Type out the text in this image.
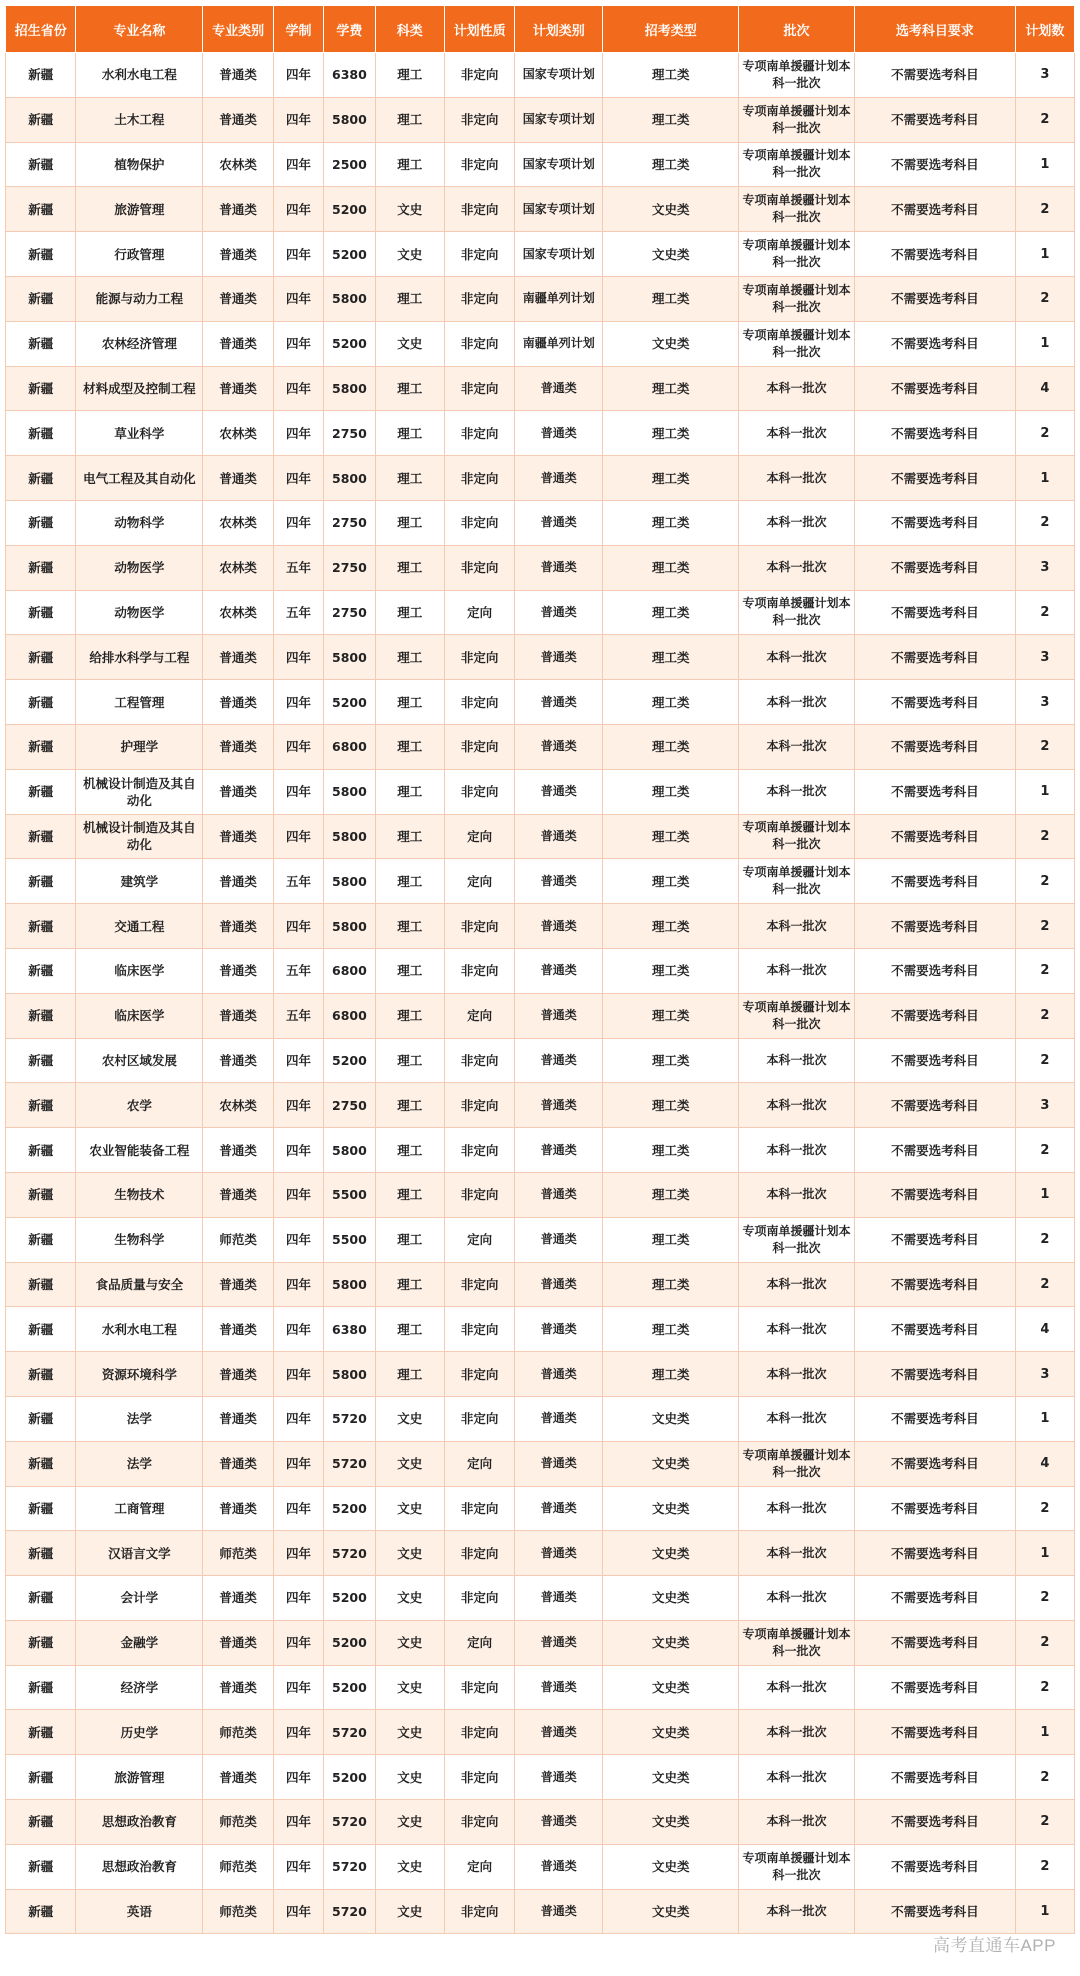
招生省份	专业名称	专业类别	学制	学费	科类	计划性质	计划类别	招考类型	批次	选考科目要求	计划数
新疆	水利水电工程	普通类	四年	6380	理工	非定向	国家专项计划	理工类	专项南单援疆计划本科一批次	不需要选考科目	3
新疆	土木工程	普通类	四年	5800	理工	非定向	国家专项计划	理工类	专项南单援疆计划本科一批次	不需要选考科目	2
新疆	植物保护	农林类	四年	2500	理工	非定向	国家专项计划	理工类	专项南单援疆计划本科一批次	不需要选考科目	1
新疆	旅游管理	普通类	四年	5200	文史	非定向	国家专项计划	文史类	专项南单援疆计划本科一批次	不需要选考科目	2
新疆	行政管理	普通类	四年	5200	文史	非定向	国家专项计划	文史类	专项南单援疆计划本科一批次	不需要选考科目	1
新疆	能源与动力工程	普通类	四年	5800	理工	非定向	南疆单列计划	理工类	专项南单援疆计划本科一批次	不需要选考科目	2
新疆	农林经济管理	普通类	四年	5200	文史	非定向	南疆单列计划	文史类	专项南单援疆计划本科一批次	不需要选考科目	1
新疆	材料成型及控制工程	普通类	四年	5800	理工	非定向	普通类	理工类	本科一批次	不需要选考科目	4
新疆	草业科学	农林类	四年	2750	理工	非定向	普通类	理工类	本科一批次	不需要选考科目	2
新疆	电气工程及其自动化	普通类	四年	5800	理工	非定向	普通类	理工类	本科一批次	不需要选考科目	1
新疆	动物科学	农林类	四年	2750	理工	非定向	普通类	理工类	本科一批次	不需要选考科目	2
新疆	动物医学	农林类	五年	2750	理工	非定向	普通类	理工类	本科一批次	不需要选考科目	3
新疆	动物医学	农林类	五年	2750	理工	定向	普通类	理工类	专项南单援疆计划本科一批次	不需要选考科目	2
新疆	给排水科学与工程	普通类	四年	5800	理工	非定向	普通类	理工类	本科一批次	不需要选考科目	3
新疆	工程管理	普通类	四年	5200	理工	非定向	普通类	理工类	本科一批次	不需要选考科目	3
新疆	护理学	普通类	四年	6800	理工	非定向	普通类	理工类	本科一批次	不需要选考科目	2
新疆	机械设计制造及其自动化	普通类	四年	5800	理工	非定向	普通类	理工类	本科一批次	不需要选考科目	1
新疆	机械设计制造及其自动化	普通类	四年	5800	理工	定向	普通类	理工类	专项南单援疆计划本科一批次	不需要选考科目	2
新疆	建筑学	普通类	五年	5800	理工	定向	普通类	理工类	专项南单援疆计划本科一批次	不需要选考科目	2
新疆	交通工程	普通类	四年	5800	理工	非定向	普通类	理工类	本科一批次	不需要选考科目	2
新疆	临床医学	普通类	五年	6800	理工	非定向	普通类	理工类	本科一批次	不需要选考科目	2
新疆	临床医学	普通类	五年	6800	理工	定向	普通类	理工类	专项南单援疆计划本科一批次	不需要选考科目	2
新疆	农村区域发展	普通类	四年	5200	理工	非定向	普通类	理工类	本科一批次	不需要选考科目	2
新疆	农学	农林类	四年	2750	理工	非定向	普通类	理工类	本科一批次	不需要选考科目	3
新疆	农业智能装备工程	普通类	四年	5800	理工	非定向	普通类	理工类	本科一批次	不需要选考科目	2
新疆	生物技术	普通类	四年	5500	理工	非定向	普通类	理工类	本科一批次	不需要选考科目	1
新疆	生物科学	师范类	四年	5500	理工	定向	普通类	理工类	专项南单援疆计划本科一批次	不需要选考科目	2
新疆	食品质量与安全	普通类	四年	5800	理工	非定向	普通类	理工类	本科一批次	不需要选考科目	2
新疆	水利水电工程	普通类	四年	6380	理工	非定向	普通类	理工类	本科一批次	不需要选考科目	4
新疆	资源环境科学	普通类	四年	5800	理工	非定向	普通类	理工类	本科一批次	不需要选考科目	3
新疆	法学	普通类	四年	5720	文史	非定向	普通类	文史类	本科一批次	不需要选考科目	1
新疆	法学	普通类	四年	5720	文史	定向	普通类	文史类	专项南单援疆计划本科一批次	不需要选考科目	4
新疆	工商管理	普通类	四年	5200	文史	非定向	普通类	文史类	本科一批次	不需要选考科目	2
新疆	汉语言文学	师范类	四年	5720	文史	非定向	普通类	文史类	本科一批次	不需要选考科目	1
新疆	会计学	普通类	四年	5200	文史	非定向	普通类	文史类	本科一批次	不需要选考科目	2
新疆	金融学	普通类	四年	5200	文史	定向	普通类	文史类	专项南单援疆计划本科一批次	不需要选考科目	2
新疆	经济学	普通类	四年	5200	文史	非定向	普通类	文史类	本科一批次	不需要选考科目	2
新疆	历史学	师范类	四年	5720	文史	非定向	普通类	文史类	本科一批次	不需要选考科目	1
新疆	旅游管理	普通类	四年	5200	文史	非定向	普通类	文史类	本科一批次	不需要选考科目	2
新疆	思想政治教育	师范类	四年	5720	文史	非定向	普通类	文史类	本科一批次	不需要选考科目	2
新疆	思想政治教育	师范类	四年	5720	文史	定向	普通类	文史类	专项南单援疆计划本科一批次	不需要选考科目	2
新疆	英语	师范类	四年	5720	文史	非定向	普通类	文史类	本科一批次	不需要选考科目	1
高考直通车APP
